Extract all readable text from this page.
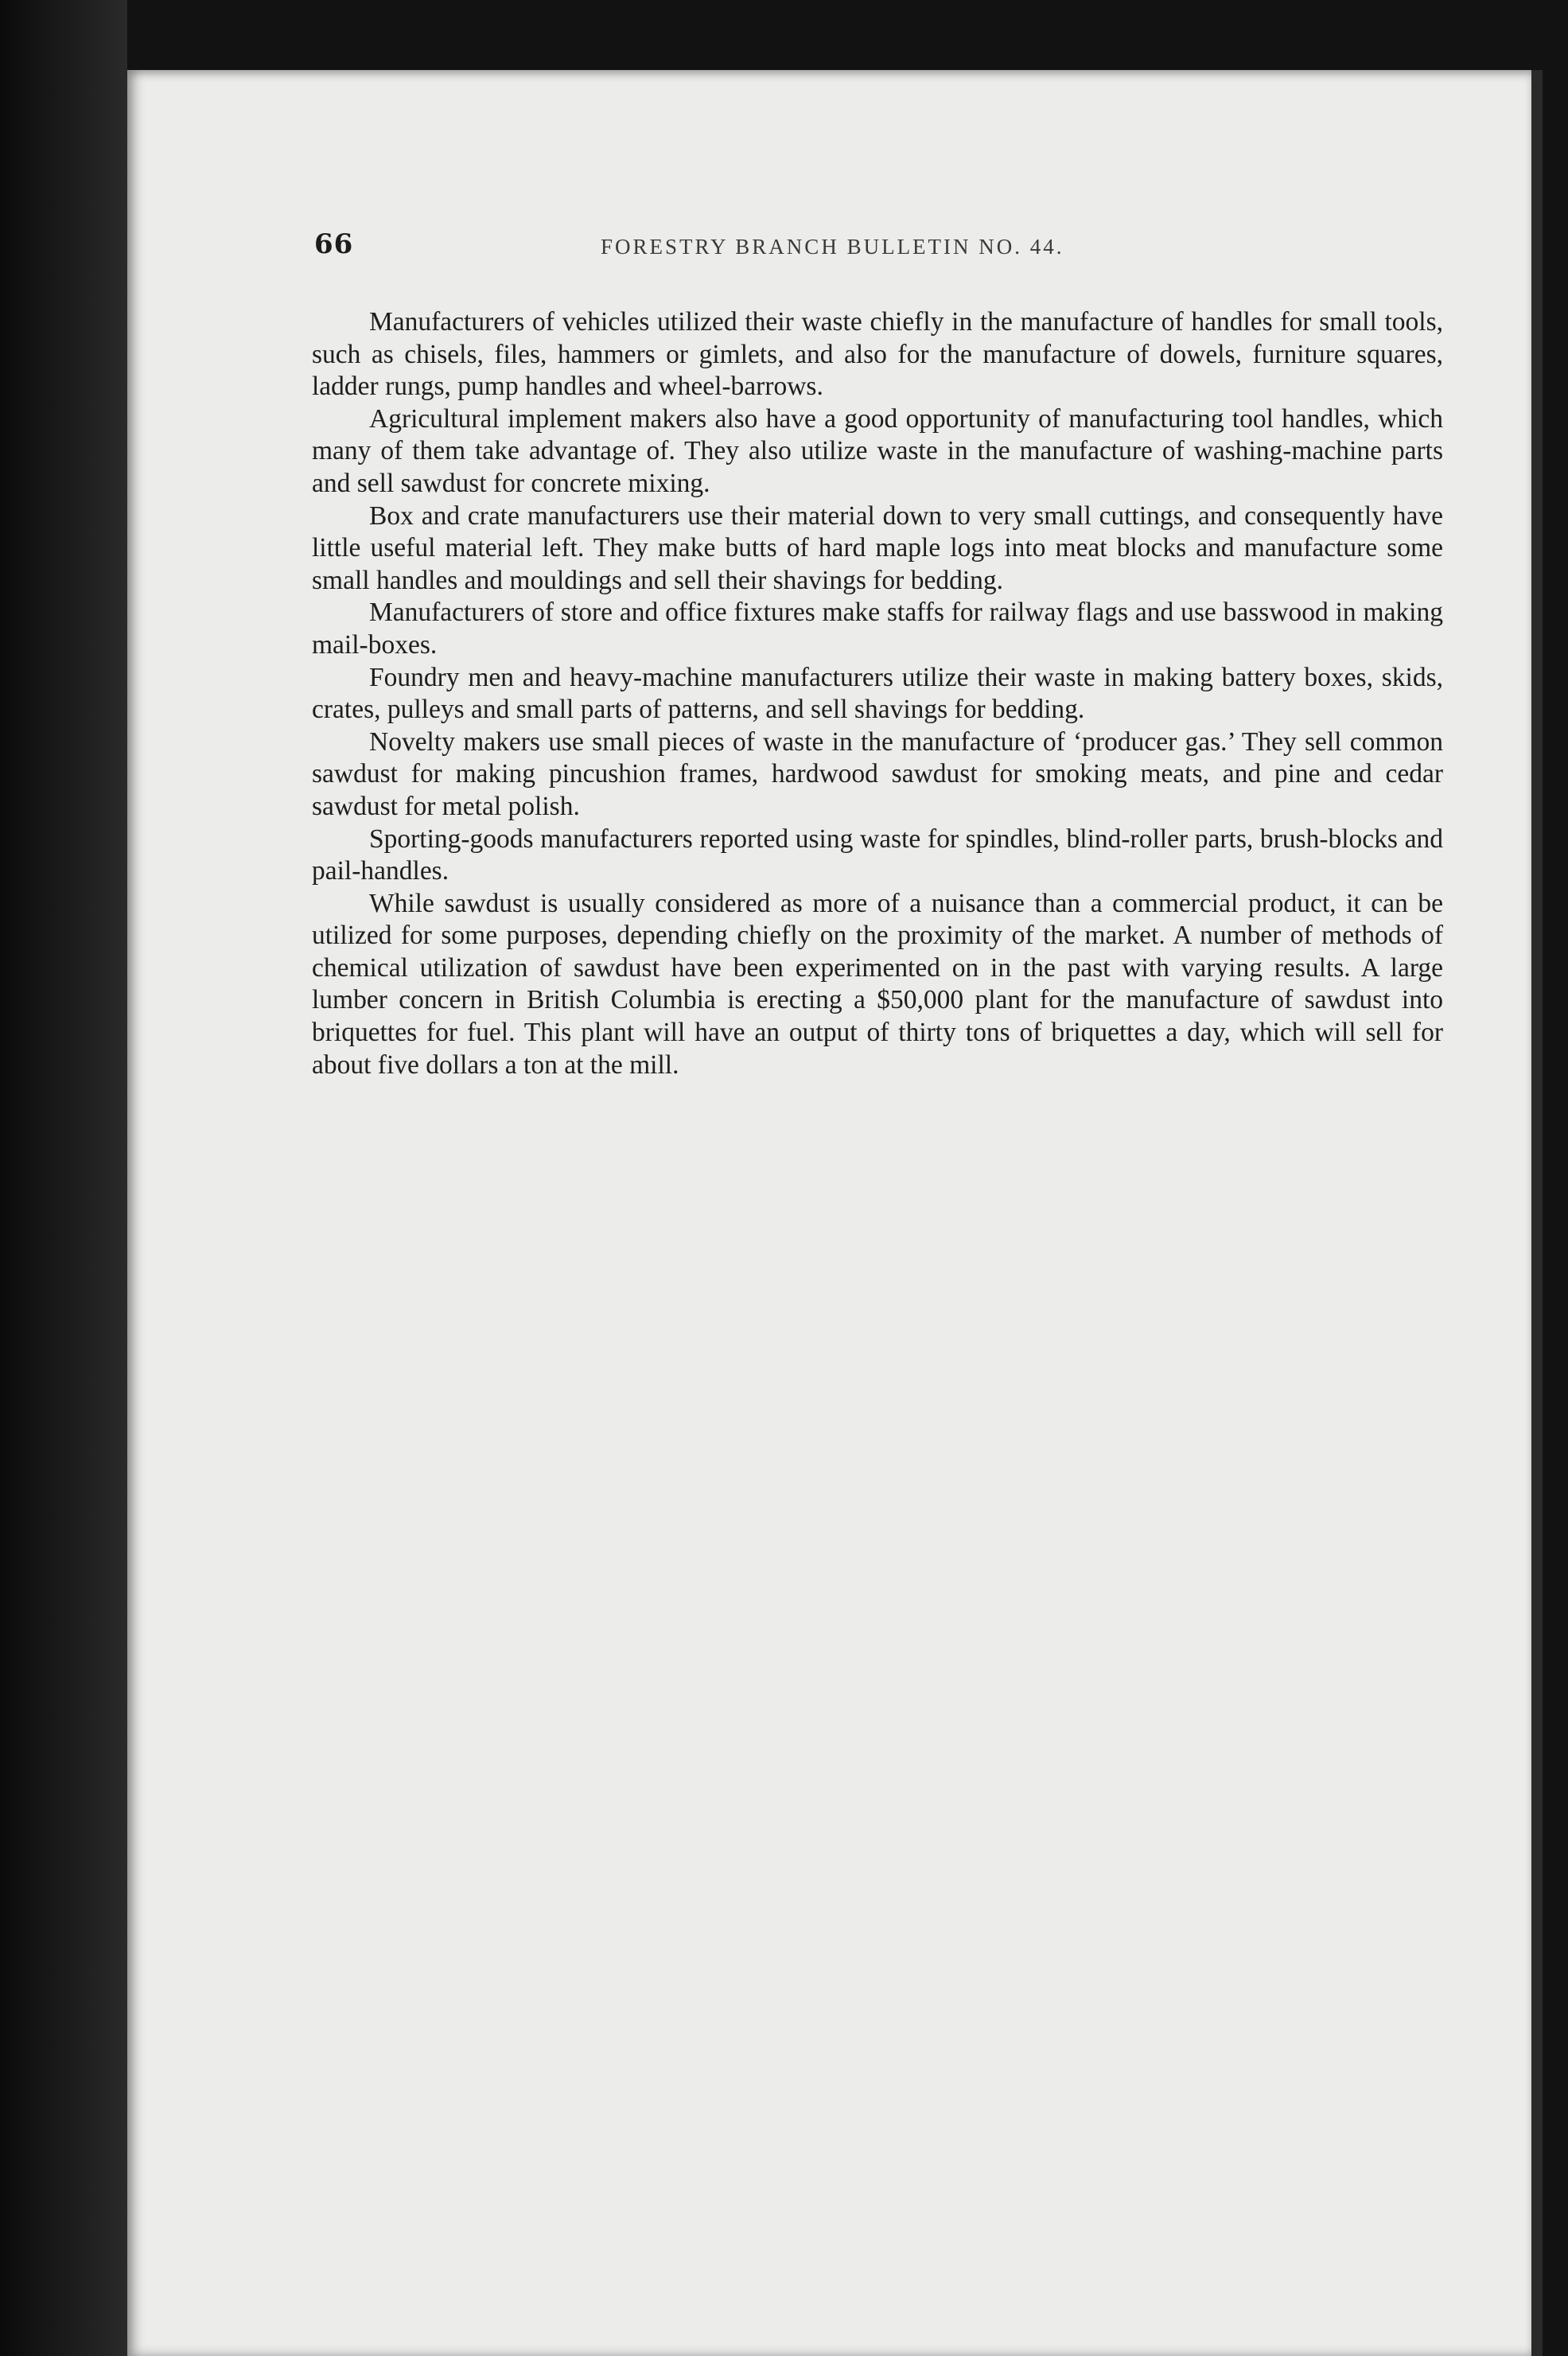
66	FORESTRY BRANCH BULLETIN NO. 44.

Manufacturers of vehicles utilized their waste chiefly in the manufacture of handles for small tools, such as chisels, files, hammers or gimlets, and also for the manufacture of dowels, furniture squares, ladder rungs, pump handles and wheel-barrows.

Agricultural implement makers also have a good opportunity of manufacturing tool handles, which many of them take advantage of. They also utilize waste in the manufacture of washing-machine parts and sell sawdust for concrete mixing.

Box and crate manufacturers use their material down to very small cuttings, and consequently have little useful material left. They make butts of hard maple logs into meat blocks and manufacture some small handles and mouldings and sell their shavings for bedding.

Manufacturers of store and office fixtures make staffs for railway flags and use basswood in making mail-boxes.

Foundry men and heavy-machine manufacturers utilize their waste in making battery boxes, skids, crates, pulleys and small parts of patterns, and sell shavings for bedding.

Novelty makers use small pieces of waste in the manufacture of ‘producer gas.’ They sell common sawdust for making pincushion frames, hardwood sawdust for smoking meats, and pine and cedar sawdust for metal polish.

Sporting-goods manufacturers reported using waste for spindles, blind-roller parts, brush-blocks and pail-handles.

While sawdust is usually considered as more of a nuisance than a commercial product, it can be utilized for some purposes, depending chiefly on the proximity of the market. A number of methods of chemical utilization of sawdust have been experimented on in the past with varying results. A large lumber concern in British Columbia is erecting a $50,000 plant for the manufacture of sawdust into briquettes for fuel. This plant will have an output of thirty tons of briquettes a day, which will sell for about five dollars a ton at the mill.
